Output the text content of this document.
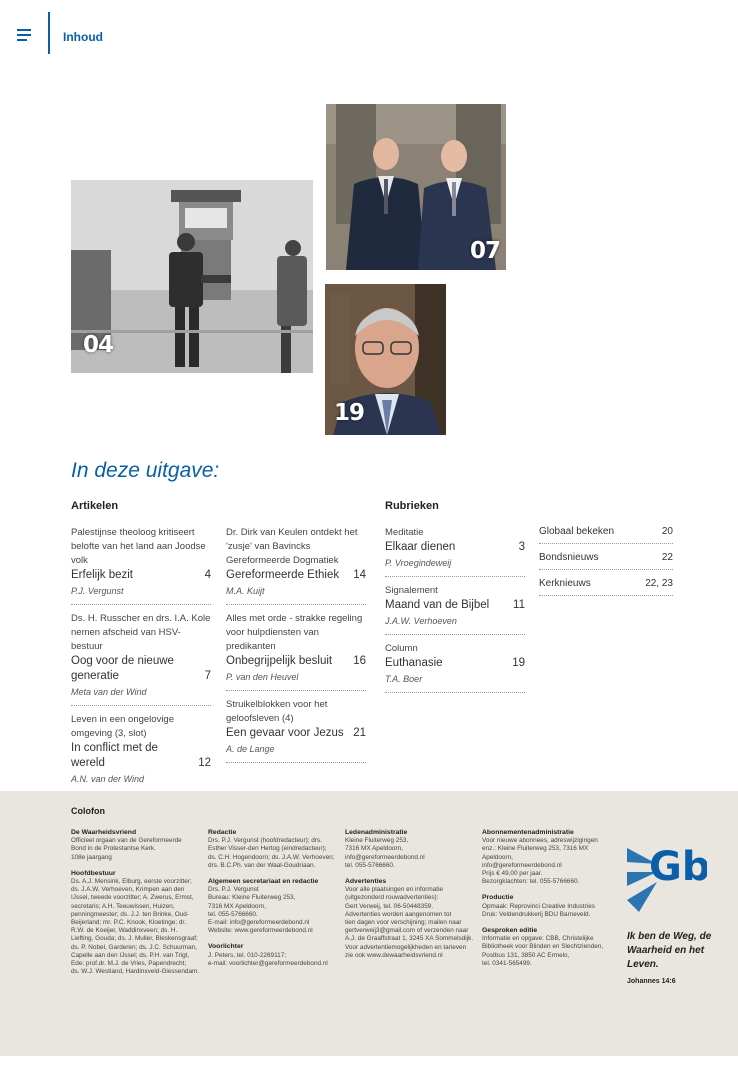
Inhoud
04
07
19
In deze uitgave:
Artikelen	Rubrieken
Palestijnse theoloog kritiseert belofte van het land aan Joodse volk
Erfelijk bezit	4
P.J. Vergunst
Ds. H. Russcher en drs. I.A. Kole nemen afscheid van HSV-bestuur
Oog voor de nieuwe generatie	7
Meta van der Wind
Leven in een ongelovige omgeving (3, slot)
In conflict met de wereld	12
A.N. van der Wind
Dr. Dirk van Keulen ontdekt het 'zusje' van Bavincks Gereformeerde Dogmatiek
Gereformeerde Ethiek	14
M.A. Kuijt
Alles met orde - strakke regeling voor hulpdiensten van predikanten
Onbegrijpelijk besluit	16
P. van den Heuvel
Struikelblokken voor het geloofsleven (4)
Een gevaar voor Jezus 21
A. de Lange
Meditatie
Elkaar dienen	3
P. Vroegindeweij
Signalement
Maand van de Bijbel	11
J.A.W. Verhoeven
Column
Euthanasie	19
T.A. Boer
Globaal bekeken	20
Bondsnieuws	22
Kerknieuws	22, 23
Colofon
De Waarheidsvriend
Officieel orgaan van de Gereformeerde
Bond in de Protestantse Kerk.
108e jaargang
Hoofdbestuur
Ds. A.J. Mensink, Elburg, eerste voorzitter;
ds. J.A.W. Verhoeven, Krimpen aan den
IJssel, tweede voorzitter; A. Zwerus, Ermst,
secretaris; A.H. Teeuwissen, Huizen,
penningmeester; ds. J.J. ten Brinke, Oud-
Beijerland; mr. P.C. Knook, Kloetinge; dr.
R.W. de Koeijer, Waddinxveen; ds. H.
Liefting, Gouda; ds. J. Muller, Bleskensgraaf;
ds. P. Nobel, Garderen; ds. J.C. Schuurman,
Capelle aan den IJssel; ds. P.H. van Trigt,
Ede; prof.dr. M.J. de Vries, Papendrecht;
ds. W.J. Westland, Hardinxveld-Giessendam.
Redactie
Drs. P.J. Vergunst (hoofdredacteur); drs.
Esther Visser-den Hertog (eindredacteur);
ds. C.H. Hogendoorn; ds. J.A.W. Verhoeven;
drs. B.C.Ph. van der Waal-Goudriaan.
Algemeen secretariaat en redactie
Drs. P.J. Vergunst
Bureau: Kleine Fluiterweg 253,
7316 MX Apeldoorn,
tel. 055-5766660.
E-mail: info@gereformeerdebond.nl
Website: www.gereformeerdebond.nl
Voorlichter
J. Peters, tel. 010-2269117;
e-mail: voorlichter@gereformeerdebond.nl
Ledenadministratie
Kleine Fluiterweg 253,
7316 MX Apeldoorn,
info@gereformeerdebond.nl
tel. 055-5766660.
Advertenties
Voor alle plaatsingen en informatie
(uitgezonderd rouwadvertenties):
Gert Verweij, tel. 06-50448359.
Advertenties worden aangenomen tot
tien dagen voor verschijning; mailen naar
gertverweij3@gmail.com of verzenden naar
A.J. de Graaffstraat 1, 3245 XA Sommelsdijk.
Voor advertentiemogelijkheden en tarieven
zie ook www.dewaarheidsvriend.nl
Abonnementenadministratie
Voor nieuwe abonnees, adreswijzigingen
enz.: Kleine Fluiterweg 253, 7316 MX
Apeldoorn,
info@gereformeerdebond.nl
Prijs € 49,00 per jaar.
Bezorgklachten: tel. 055-5766660.
Productie
Opmaak: Reprovinci Creative Industries
Druk: Veldendrukkerij BDU Barneveld.
Gesproken editie
Informatie en opgave: CBB, Christelijke
Bibliotheek voor Blinden en Slechtzienden,
Postbus 131, 3850 AC Ermelo,
tel. 0341-565499.
Gb
Ik ben de Weg, de Waarheid en het Leven.
Johannes 14:6
